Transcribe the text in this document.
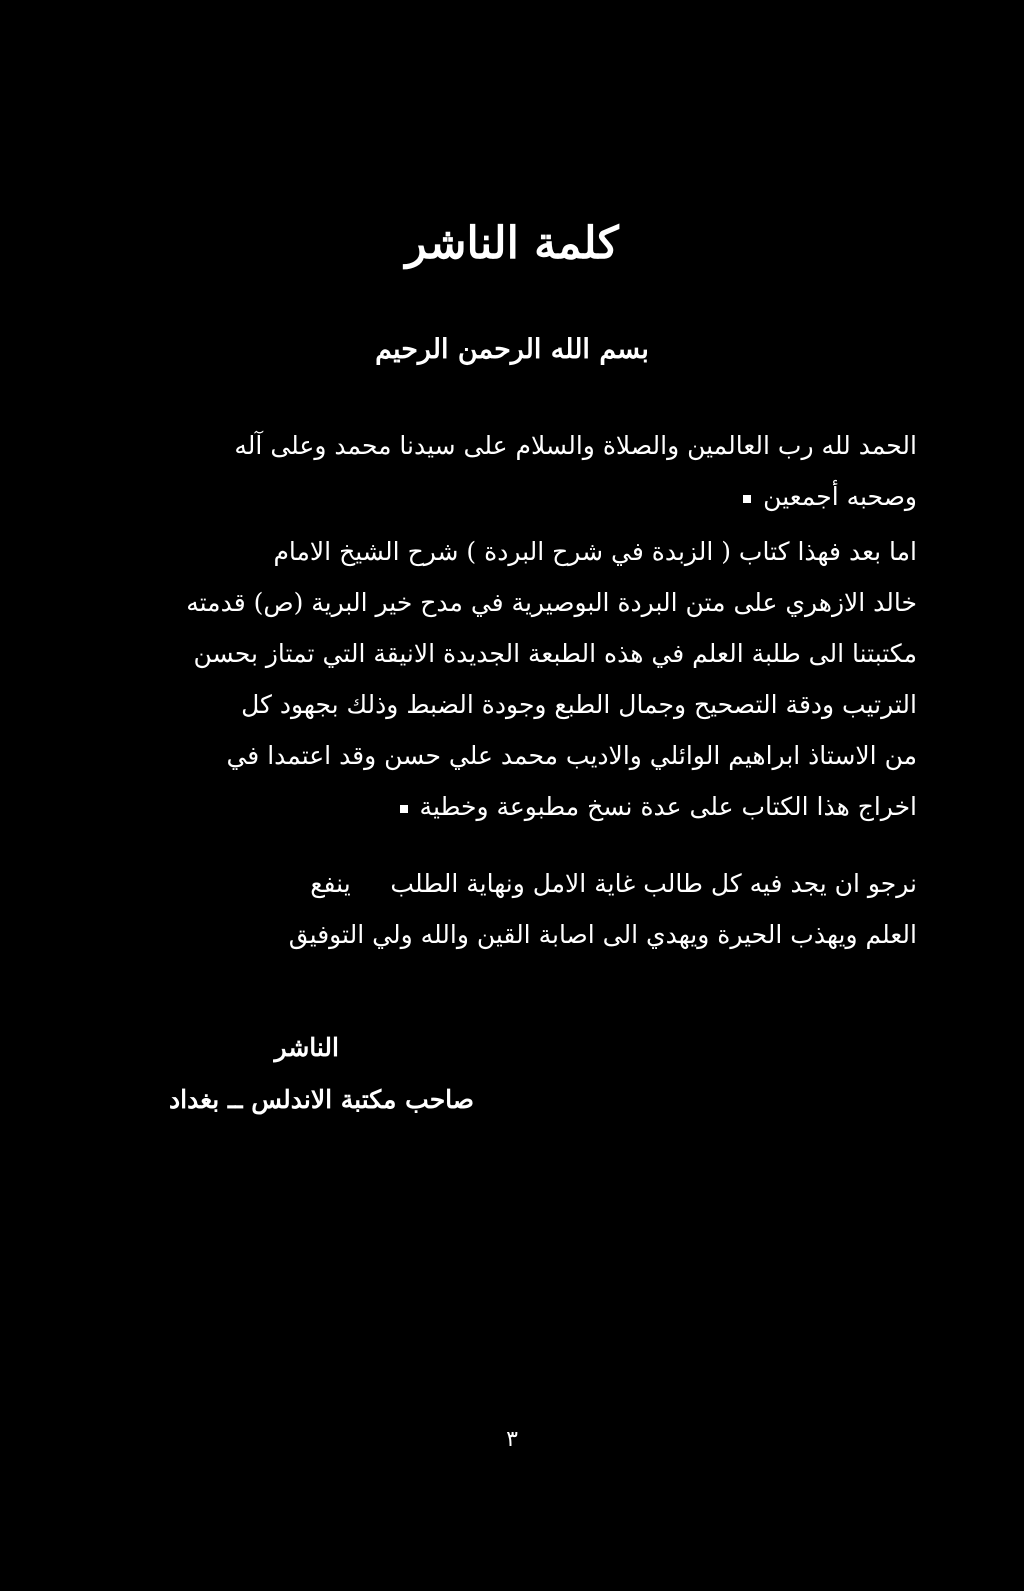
كلمة الناشر
بسم الله الرحمن الرحيم

الحمد لله رب العالمين والصلاة والسلام على سيدنا محمد وعلى آله
وصحبه أجمعين

اما بعد فهذا كتاب ( الزبدة في شرح البردة ) شرح الشيخ الامام
خالد الازهري على متن البردة البوصيرية في مدح خير البرية (ص) قدمته
مكتبتنا الى طلبة العلم في هذه الطبعة الجديدة الانيقة التي تمتاز بحسن
الترتيب ودقة التصحيح وجمال الطبع وجودة الضبط وذلك بجهود كل
من الاستاذ ابراهيم الوائلي والاديب محمد علي حسن وقد اعتمدا في
اخراج هذا الكتاب على عدة نسخ مطبوعة وخطية

نرجو ان يجد فيه كل طالب غاية الامل ونهاية الطلب     ينفع
العلم ويهذب الحيرة ويهدي الى اصابة القين والله ولي التوفيق

الناشر
صاحب مكتبة الاندلس ــ بغداد
٣
